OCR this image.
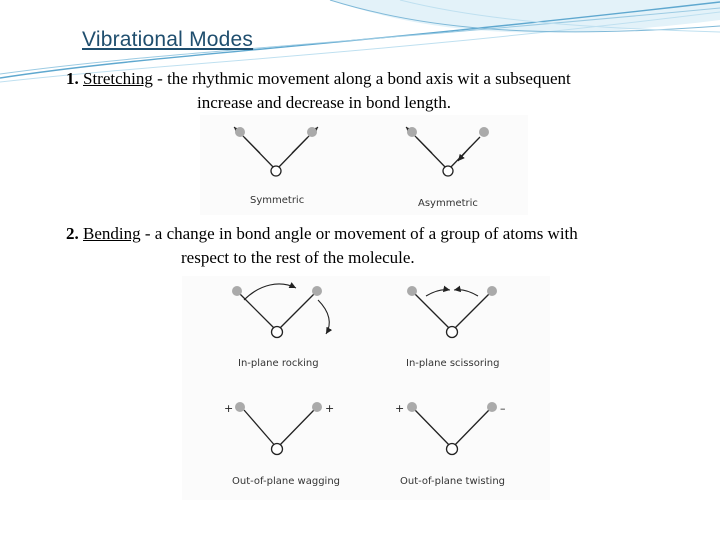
Vibrational Modes
1. Stretching - the rhythmic movement along a bond axis wit a subsequent
increase and decrease in bond length.
Symmetric	Asymmetric
2. Bending - a change in bond angle or movement of a group of atoms with
respect to the rest of the molecule.
In-plane rocking	In-plane scissoring
+	+
Out-of-plane wagging
+	–
Out-of-plane twisting
